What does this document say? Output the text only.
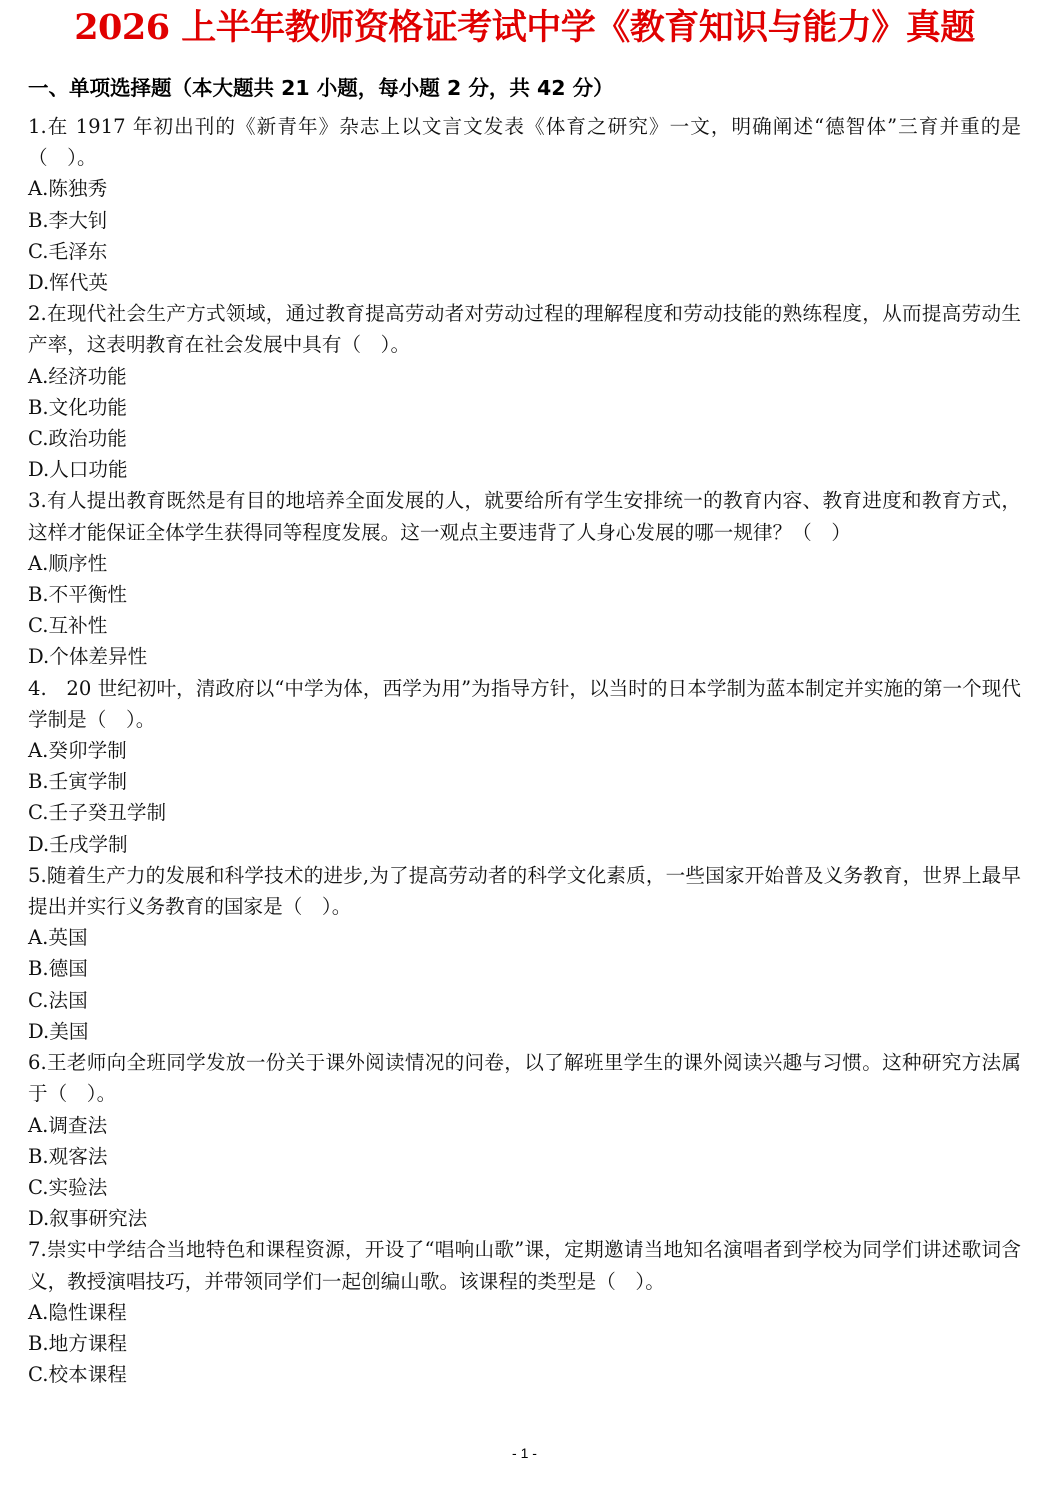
2026 上半年教师资格证考试中学《教育知识与能力》真题
一、单项选择题（本大题共 21 小题，每小题 2 分，共 42 分）

1.在 1917 年初出刊的《新青年》杂志上以文言文发表《体育之研究》一文，明确阐述“德智体”三育并重的是（　）。

A.陈独秀

B.李大钊

C.毛泽东

D.恽代英

2.在现代社会生产方式领域，通过教育提高劳动者对劳动过程的理解程度和劳动技能的熟练程度，从而提高劳动生产率，这表明教育在社会发展中具有（　）。

A.经济功能

B.文化功能

C.政治功能

D.人口功能

3.有人提出教育既然是有目的地培养全面发展的人，就要给所有学生安排统一的教育内容、教育进度和教育方式，这样才能保证全体学生获得同等程度发展。这一观点主要违背了人身心发展的哪一规律？（　）

A.顺序性

B.不平衡性

C.互补性

D.个体差异性

4.　20 世纪初叶，清政府以“中学为体，西学为用”为指导方针，以当时的日本学制为蓝本制定并实施的第一个现代学制是（　）。

A.癸卯学制

B.壬寅学制

C.壬子癸丑学制

D.壬戌学制

5.随着生产力的发展和科学技术的进步,为了提高劳动者的科学文化素质，一些国家开始普及义务教育，世界上最早提出并实行义务教育的国家是（　）。

A.英国

B.德国

C.法国

D.美国

6.王老师向全班同学发放一份关于课外阅读情况的问卷，以了解班里学生的课外阅读兴趣与习惯。这种研究方法属于（　）。

A.调查法

B.观客法

C.实验法

D.叙事研究法

7.崇实中学结合当地特色和课程资源，开设了“唱响山歌”课，定期邀请当地知名演唱者到学校为同学们讲述歌词含义，教授演唱技巧，并带领同学们一起创编山歌。该课程的类型是（　）。

A.隐性课程

B.地方课程

C.校本课程

- 1 -
